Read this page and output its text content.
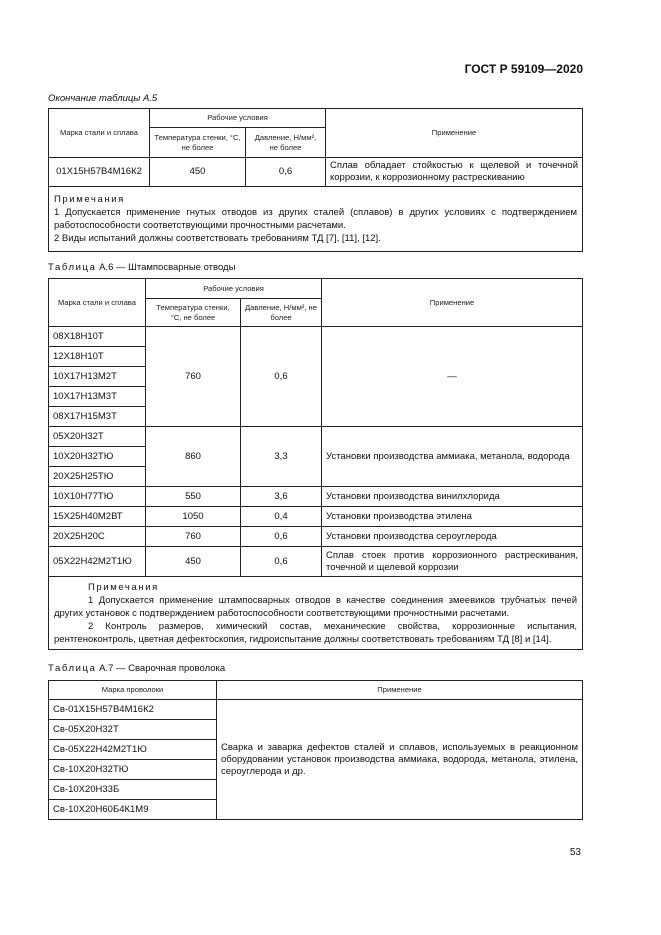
ГОСТ Р 59109—2020
Окончание таблицы А.5
Марка стали и сплава	Рабочие условия		Применение
	Температура стенки, °С, не более	Давление, Н/мм², не более	
01Х15Н57В4М16К2	450	0,6	Сплав обладает стойкостью к щелевой и точечной коррозии, к коррозионному растрескиванию

Примечания
1 Допускается применение гнутых отводов из других сталей (сплавов) в других условиях с подтверждением работоспособности соответствующими прочностными расчетами.
2 Виды испытаний должны соответствовать требованиям ТД [7], [11], [12].			
Таблица А.6 — Штампосварные отводы
Марка стали и сплава	Рабочие условия		Применение
	Температура стенки, °С, не более	Давление, Н/мм², не более	
08Х18Н10Т	760	0,6	—
12Х18Н10Т			
10Х17Н13М2Т			
10Х17Н13М3Т			
08Х17Н15М3Т			
05Х20Н32Т	860	3,3	Установки производства аммиака, метанола, водорода
10Х20Н32ТЮ			
20Х25Н25ТЮ			
10Х10Н77ТЮ	550	3,6	Установки производства винилхлорида
15Х25Н40М2ВТ	1050	0,4	Установки производства этилена
20Х25Н20С	760	0,6	Установки производства сероуглерода
05Х22Н42М2Т1Ю	450	0,6	Сплав стоек против коррозионного растрескивания, точечной и щелевой коррозии

Примечания
1 Допускается применение штампосварных отводов в качестве соединения змеевиков трубчатых печей других установок с подтверждением работоспособности соответствующими прочностными расчетами.
2 Контроль размеров, химический состав, механические свойства, коррозионные испытания, рентгеноконтроль, цветная дефектоскопия, гидроиспытание должны соответствовать требованиям ТД [8] и [14].			
Таблица А.7 — Сварочная проволока
Марка проволоки	Применение
Св-01Х15Н57В4М16К2	Сварка и заварка дефектов сталей и сплавов, используемых в реакционном оборудовании установок производства аммиака, водорода, метанола, этилена, сероуглерода и др.
Св-05Х20Н32Т	
Св-05Х22Н42М2Т1Ю	
Св-10Х20Н32ТЮ	
Св-10Х20Н33Б	
Св-10Х20Н60Б4К1М9	
53
